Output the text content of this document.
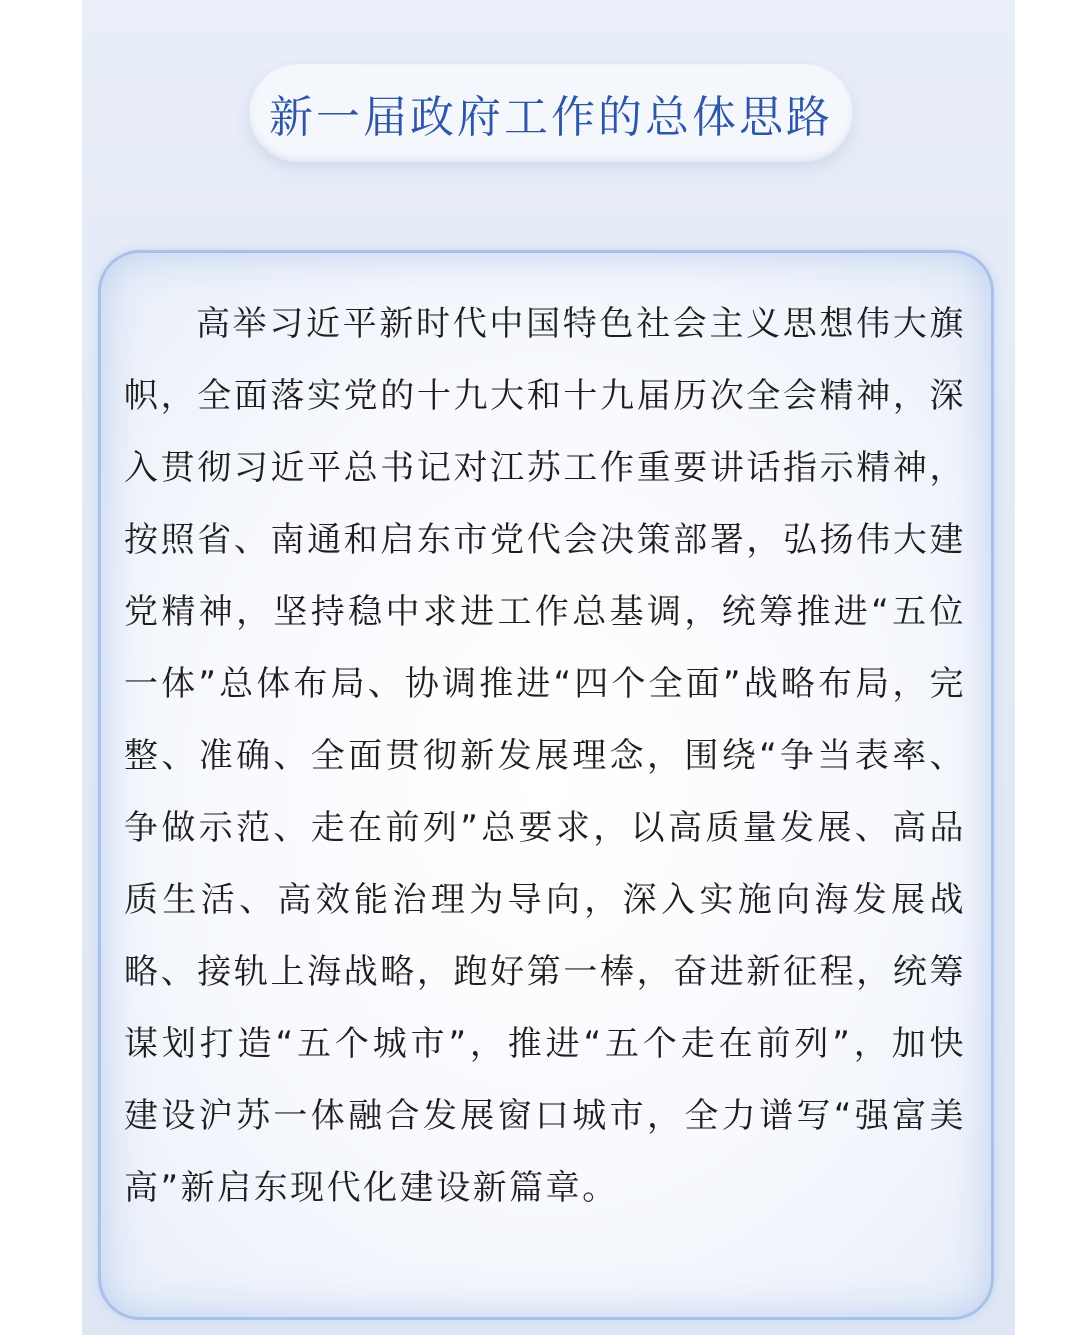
新一届政府工作的总体思路

高举习近平新时代中国特色社会主义思想伟大旗帜，全面落实党的十九大和十九届历次全会精神，深入贯彻习近平总书记对江苏工作重要讲话指示精神，按照省、南通和启东市党代会决策部署，弘扬伟大建党精神，坚持稳中求进工作总基调，统筹推进“五位一体”总体布局、协调推进“四个全面”战略布局，完整、准确、全面贯彻新发展理念，围绕“争当表率、争做示范、走在前列”总要求，以高质量发展、高品质生活、高效能治理为导向，深入实施向海发展战略、接轨上海战略，跑好第一棒，奋进新征程，统筹谋划打造“五个城市”，推进“五个走在前列”，加快建设沪苏一体融合发展窗口城市，全力谱写“强富美高”新启东现代化建设新篇章。
